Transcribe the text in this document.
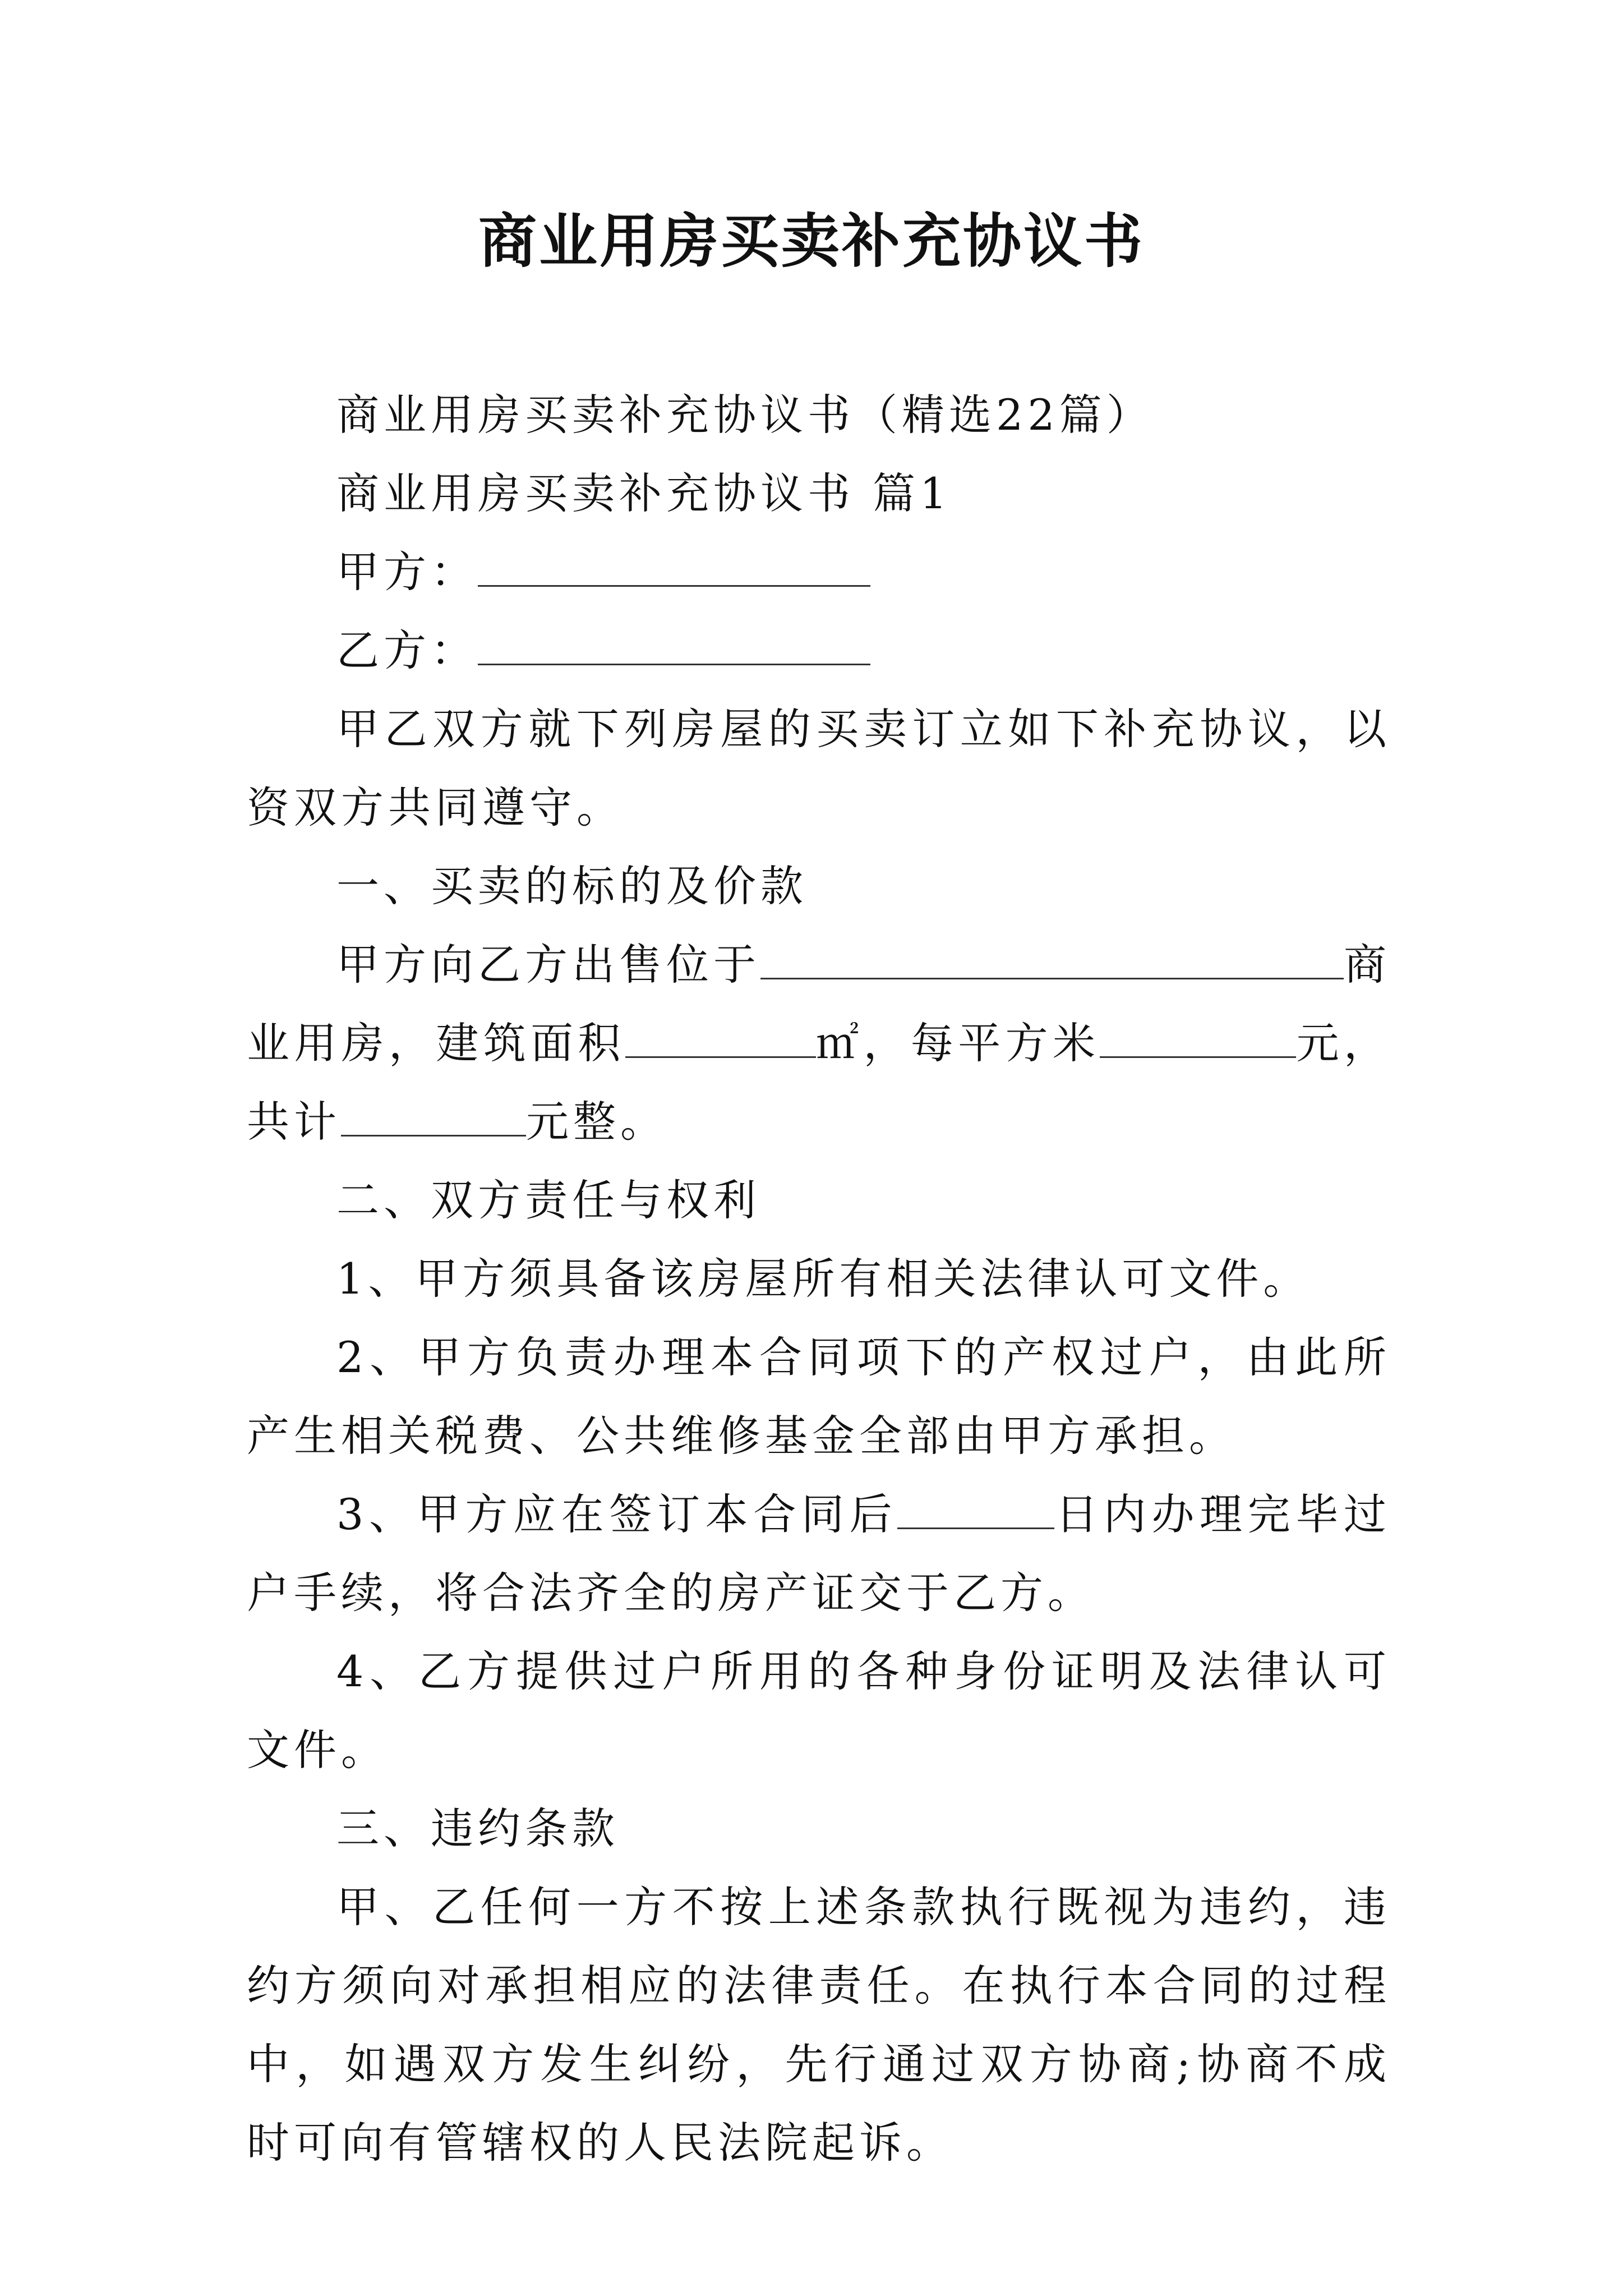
商业用房买卖补充协议书

商业用房买卖补充协议书（精选22篇）

商业用房买卖补充协议书 篇1

甲方：

乙方：

甲乙双方就下列房屋的买卖订立如下补充协议，以资双方共同遵守。

一、买卖的标的及价款

甲方向乙方出售位于	商业用房，建筑面积	㎡，每平方米	元，共计	元整。

二、双方责任与权利

1、甲方须具备该房屋所有相关法律认可文件。

2、甲方负责办理本合同项下的产权过户，由此所产生相关税费、公共维修基金全部由甲方承担。

3、甲方应在签订本合同后	日内办理完毕过户手续，将合法齐全的房产证交于乙方。

4、乙方提供过户所用的各种身份证明及法律认可文件。

三、违约条款

甲、乙任何一方不按上述条款执行既视为违约，违约方须向对承担相应的法律责任。在执行本合同的过程中，如遇双方发生纠纷，先行通过双方协商;协商不成时可向有管辖权的人民法院起诉。
